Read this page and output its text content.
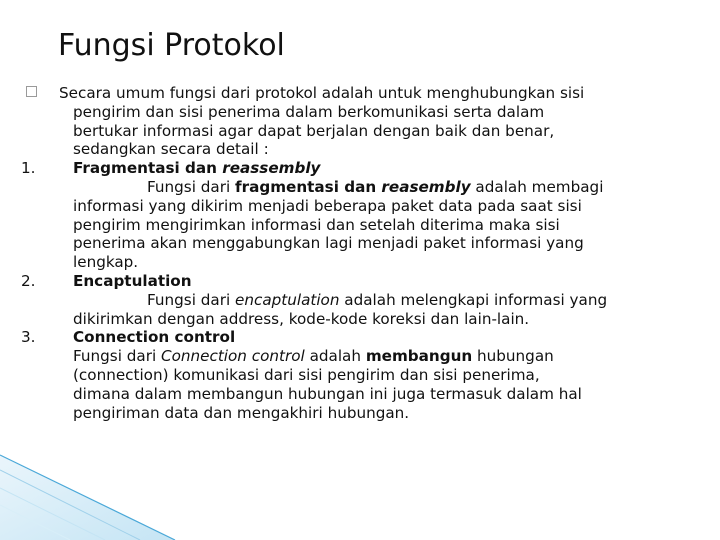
Fungsi Protokol
Secara umum fungsi dari protokol adalah untuk menghubungkan sisi
pengirim dan sisi penerima dalam berkomunikasi serta dalam
bertukar informasi agar dapat berjalan dengan baik dan benar,
sedangkan secara detail :
1. Fragmentasi dan reassembly
Fungsi dari fragmentasi dan reasembly adalah membagi
informasi yang dikirim menjadi beberapa paket data pada saat sisi
pengirim mengirimkan informasi dan setelah diterima maka sisi
penerima akan menggabungkan lagi menjadi paket informasi yang
lengkap.
2. Encaptulation
Fungsi dari encaptulation adalah melengkapi informasi yang
dikirimkan dengan address, kode-kode koreksi dan lain-lain.
3. Connection control
Fungsi dari Connection control adalah membangun hubungan
(connection) komunikasi dari sisi pengirim dan sisi penerima,
dimana dalam membangun hubungan ini juga termasuk dalam hal
pengiriman data dan mengakhiri hubungan.
